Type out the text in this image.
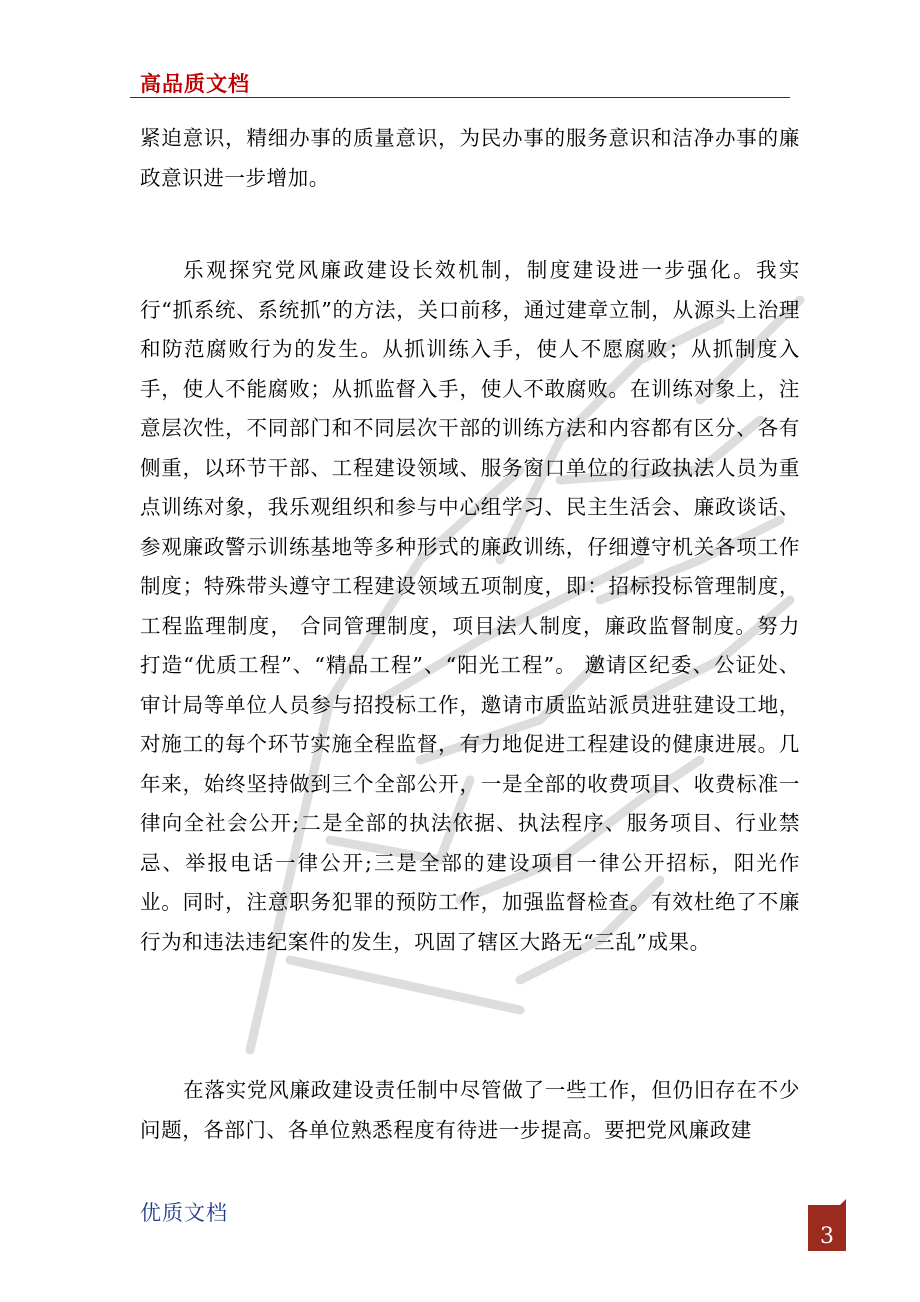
高品质文档

紧迫意识，精细办事的质量意识，为民办事的服务意识和洁净办事的廉政意识进一步增加。

乐观探究党风廉政建设长效机制，制度建设进一步强化。我实行“抓系统、系统抓”的方法，关口前移，通过建章立制，从源头上治理和防范腐败行为的发生。从抓训练入手，使人不愿腐败；从抓制度入手，使人不能腐败；从抓监督入手，使人不敢腐败。在训练对象上，注意层次性，不同部门和不同层次干部的训练方法和内容都有区分、各有侧重，以环节干部、工程建设领域、服务窗口单位的行政执法人员为重点训练对象，我乐观组织和参与中心组学习、民主生活会、廉政谈话、参观廉政警示训练基地等多种形式的廉政训练，仔细遵守机关各项工作制度；特殊带头遵守工程建设领域五项制度，即：招标投标管理制度，工程监理制度， 合同管理制度，项目法人制度，廉政监督制度。努力打造“优质工程”、“精品工程”、“阳光工程”。 邀请区纪委、公证处、审计局等单位人员参与招投标工作，邀请市质监站派员进驻建设工地，对施工的每个环节实施全程监督，有力地促进工程建设的健康进展。几年来，始终坚持做到三个全部公开，一是全部的收费项目、收费标准一律向全社会公开;二是全部的执法依据、执法程序、服务项目、行业禁忌、举报电话一律公开;三是全部的建设项目一律公开招标，阳光作业。同时，注意职务犯罪的预防工作，加强监督检查。有效杜绝了不廉行为和违法违纪案件的发生，巩固了辖区大路无“三乱”成果。

在落实党风廉政建设责任制中尽管做了一些工作，但仍旧存在不少问题，各部门、各单位熟悉程度有待进一步提高。要把党风廉政建

优质文档
3
